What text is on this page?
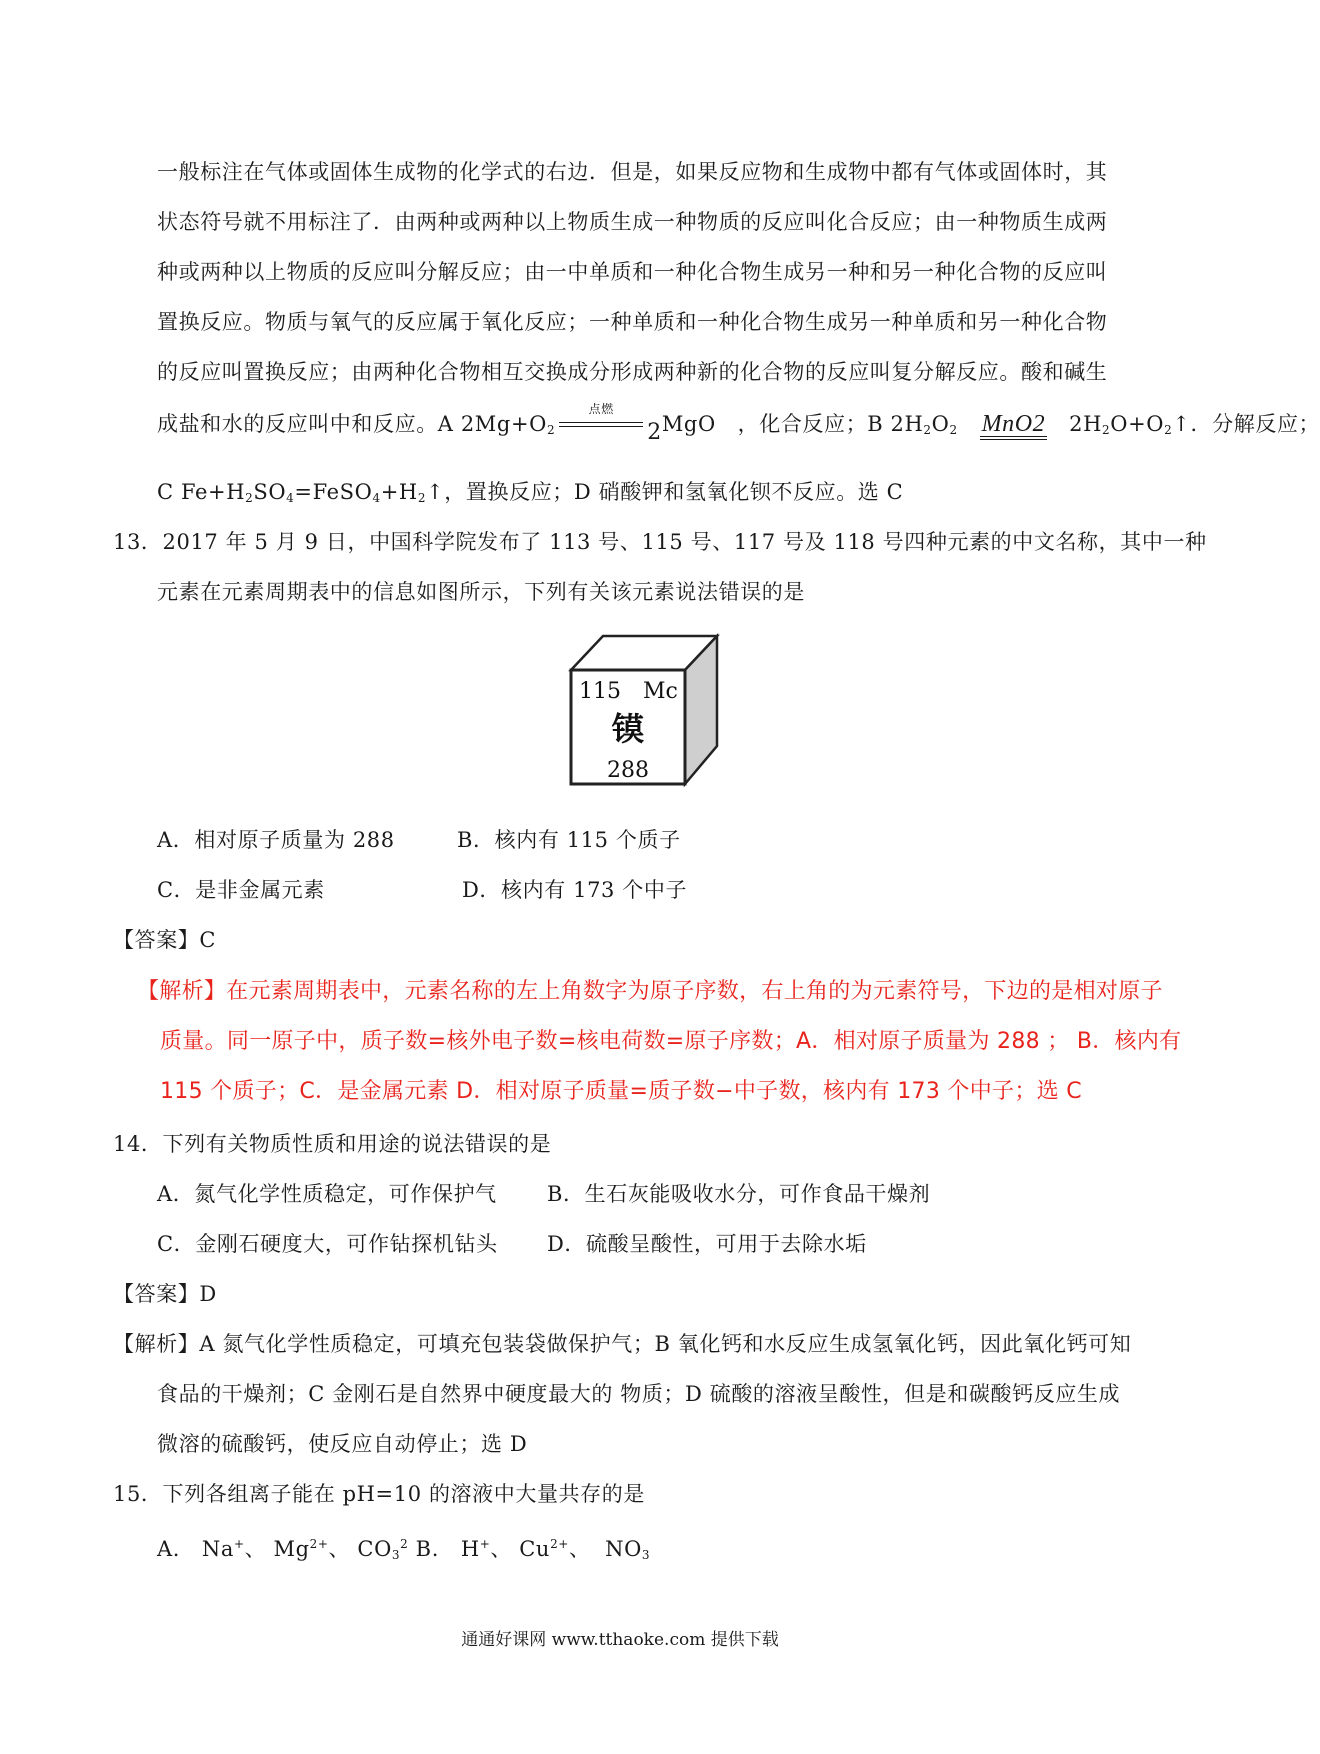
一般标注在气体或固体生成物的化学式的右边．但是，如果反应物和生成物中都有气体或固体时，其
状态符号就不用标注了．由两种或两种以上物质生成一种物质的反应叫化合反应；由一种物质生成两
种或两种以上物质的反应叫分解反应；由一中单质和一种化合物生成另一种和另一种化合物的反应叫
置换反应。物质与氧气的反应属于氧化反应；一种单质和一种化合物生成另一种单质和另一种化合物
的反应叫置换反应；由两种化合物相互交换成分形成两种新的化合物的反应叫复分解反应。酸和碱生
成盐和水的反应叫中和反应。A $2Mg+O_2$
点燃
2MgO ，化合反应；B $2H_2O_2$ MnO2 $2H_2O+O_2↑$．分解反应；
C $Fe+H_2SO_4=FeSO_4+H_2↑$，置换反应；D 硝酸钾和氢氧化钡不反应。选 C
13．2017 年 5 月 9 日，中国科学院发布了 113 号、115 号、117 号及 118 号四种元素的中文名称，其中一种
元素在元素周期表中的信息如图所示，下列有关该元素说法错误的是
115 Mc
镆
288
A．相对原子质量为 288	B．核内有 115 个质子
C．是非金属元素	D．核内有 173 个中子
【答案】C
【解析】在元素周期表中，元素名称的左上角数字为原子序数，右上角的为元素符号，下边的是相对原子
质量。同一原子中，质子数=核外电子数=核电荷数=原子序数；A．相对原子质量为 288 ； B．核内有
115 个质子；C．是金属元素 D．相对原子质量=质子数−中子数，核内有 173 个中子；选 C
14．下列有关物质性质和用途的说法错误的是
A．氮气化学性质稳定，可作保护气 B．生石灰能吸收水分，可作食品干燥剂
C．金刚石硬度大，可作钻探机钻头 D．硫酸呈酸性，可用于去除水垢
【答案】D
【解析】A 氮气化学性质稳定，可填充包装袋做保护气；B 氧化钙和水反应生成氢氧化钙，因此氧化钙可知
食品的干燥剂；C 金刚石是自然界中硬度最大的 物质；D 硫酸的溶液呈酸性，但是和碳酸钙反应生成
微溶的硫酸钙，使反应自动停止；选 D
15．下列各组离子能在 pH=10 的溶液中大量共存的是
A.   Na+、 $Mg^{2+}$、 $CO_3^2$ B.   H+、 $Cu^{2+}$、  $NO_3$
通通好课网 www.tthaoke.com 提供下载
